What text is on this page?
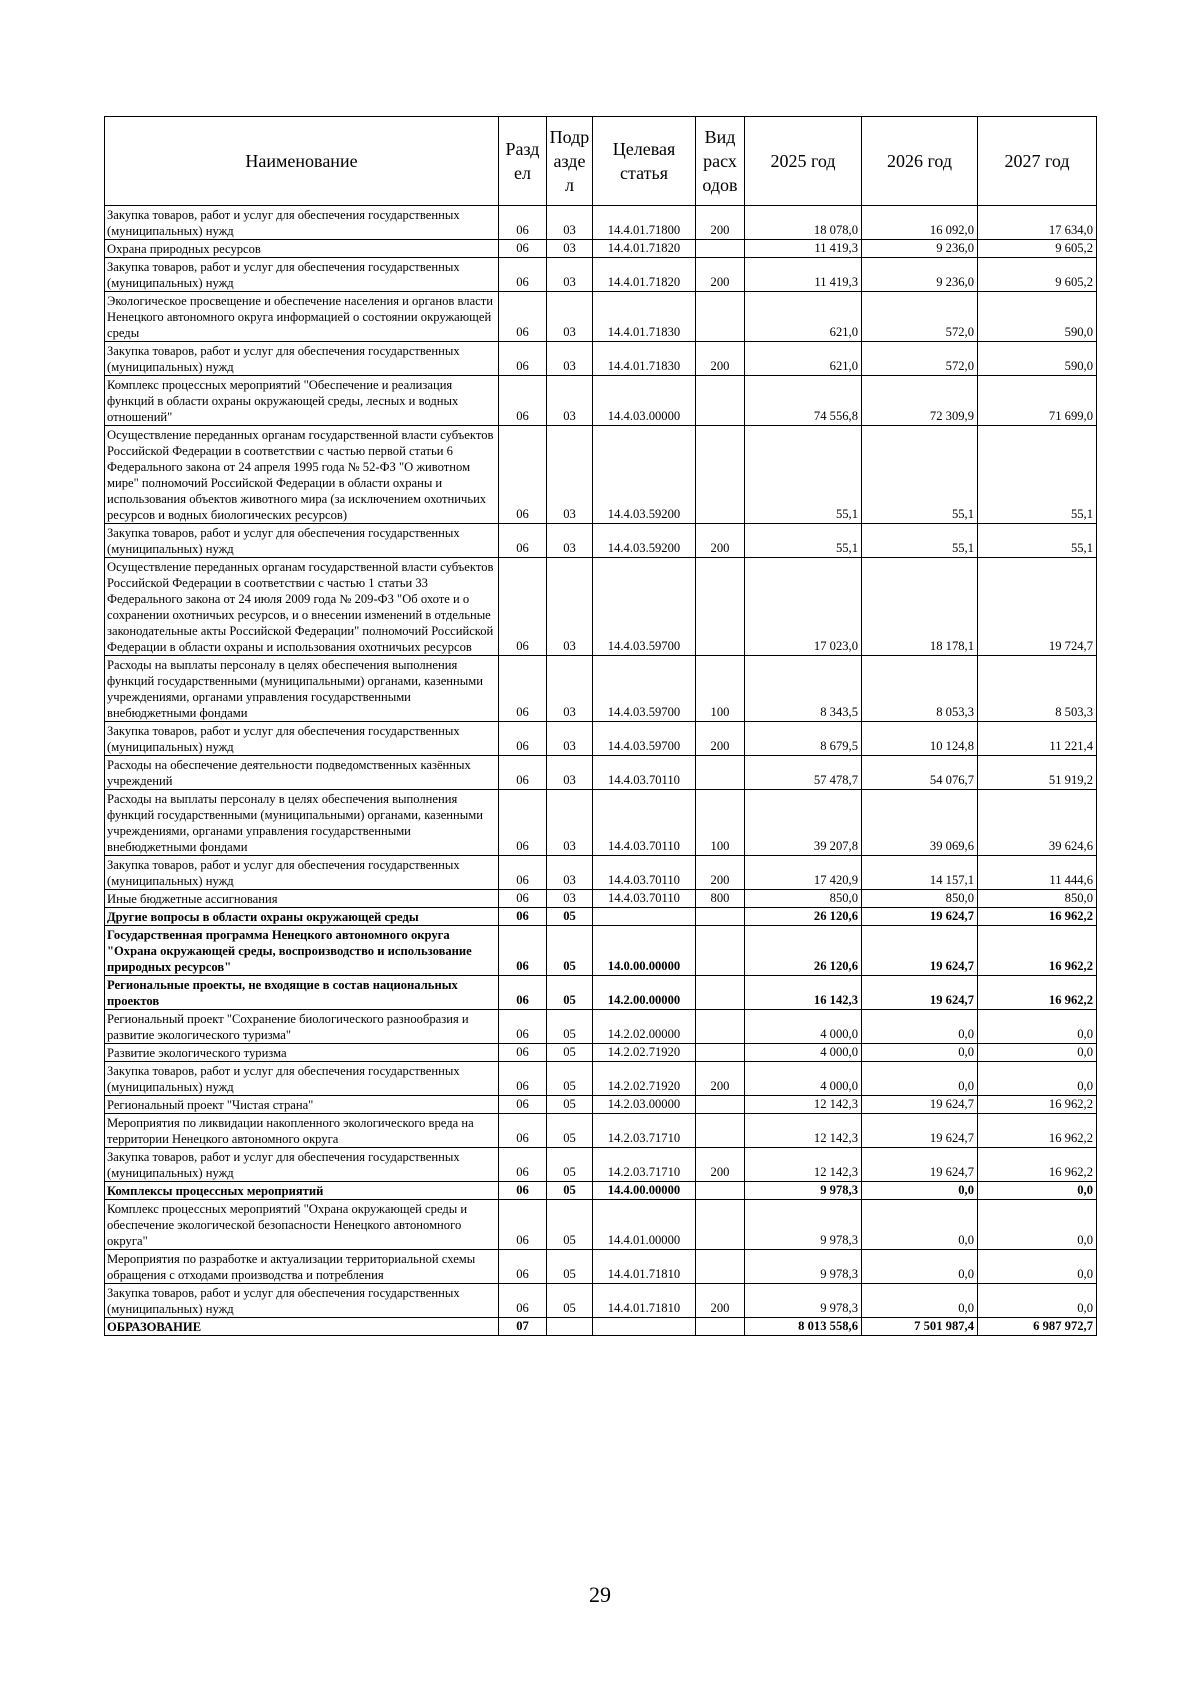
Наименование	Разд ел	Подр азде л	Целевая статья	Вид расх одов	2025 год	2026 год	2027 год
Закупка товаров, работ и услуг для обеспечения государственных (муниципальных) нужд	06	03	14.4.01.71800	200	18 078,0	16 092,0	17 634,0
Охрана природных ресурсов	06	03	14.4.01.71820		11 419,3	9 236,0	9 605,2
Закупка товаров, работ и услуг для обеспечения государственных (муниципальных) нужд	06	03	14.4.01.71820	200	11 419,3	9 236,0	9 605,2
Экологическое просвещение и обеспечение населения и органов власти Ненецкого автономного округа информацией о состоянии окружающей среды	06	03	14.4.01.71830		621,0	572,0	590,0
Закупка товаров, работ и услуг для обеспечения государственных (муниципальных) нужд	06	03	14.4.01.71830	200	621,0	572,0	590,0
Комплекс процессных мероприятий "Обеспечение и реализация функций в области охраны окружающей среды, лесных и водных отношений"	06	03	14.4.03.00000		74 556,8	72 309,9	71 699,0
Осуществление переданных органам государственной власти субъектов Российской Федерации в соответствии с частью первой статьи 6 Федерального закона от 24 апреля 1995 года № 52-ФЗ "О животном мире" полномочий Российской Федерации в области охраны и использования объектов животного мира (за исключением охотничьих ресурсов и водных биологических ресурсов)	06	03	14.4.03.59200		55,1	55,1	55,1
Закупка товаров, работ и услуг для обеспечения государственных (муниципальных) нужд	06	03	14.4.03.59200	200	55,1	55,1	55,1
Осуществление переданных органам государственной власти субъектов Российской Федерации в соответствии с частью 1 статьи 33 Федерального закона от 24 июля 2009 года № 209-ФЗ "Об охоте и о сохранении охотничьих ресурсов, и о внесении изменений в отдельные законодательные акты Российской Федерации" полномочий Российской Федерации в области охраны и использования охотничьих ресурсов	06	03	14.4.03.59700		17 023,0	18 178,1	19 724,7
Расходы на выплаты персоналу в целях обеспечения выполнения функций государственными (муниципальными) органами, казенными учреждениями, органами управления государственными внебюджетными фондами	06	03	14.4.03.59700	100	8 343,5	8 053,3	8 503,3
Закупка товаров, работ и услуг для обеспечения государственных (муниципальных) нужд	06	03	14.4.03.59700	200	8 679,5	10 124,8	11 221,4
Расходы на обеспечение деятельности подведомственных казённых учреждений	06	03	14.4.03.70110		57 478,7	54 076,7	51 919,2
Расходы на выплаты персоналу в целях обеспечения выполнения функций государственными (муниципальными) органами, казенными учреждениями, органами управления государственными внебюджетными фондами	06	03	14.4.03.70110	100	39 207,8	39 069,6	39 624,6
Закупка товаров, работ и услуг для обеспечения государственных (муниципальных) нужд	06	03	14.4.03.70110	200	17 420,9	14 157,1	11 444,6
Иные бюджетные ассигнования	06	03	14.4.03.70110	800	850,0	850,0	850,0
Другие вопросы в области охраны окружающей среды	06	05			26 120,6	19 624,7	16 962,2
Государственная программа Ненецкого автономного округа "Охрана окружающей среды, воспроизводство и использование природных ресурсов"	06	05	14.0.00.00000		26 120,6	19 624,7	16 962,2
Региональные проекты, не входящие в состав национальных проектов	06	05	14.2.00.00000		16 142,3	19 624,7	16 962,2
Региональный проект "Сохранение биологического разнообразия и развитие экологического туризма"	06	05	14.2.02.00000		4 000,0	0,0	0,0
Развитие экологического туризма	06	05	14.2.02.71920		4 000,0	0,0	0,0
Закупка товаров, работ и услуг для обеспечения государственных (муниципальных) нужд	06	05	14.2.02.71920	200	4 000,0	0,0	0,0
Региональный проект "Чистая страна"	06	05	14.2.03.00000		12 142,3	19 624,7	16 962,2
Мероприятия по ликвидации накопленного экологического вреда на территории Ненецкого автономного округа	06	05	14.2.03.71710		12 142,3	19 624,7	16 962,2
Закупка товаров, работ и услуг для обеспечения государственных (муниципальных) нужд	06	05	14.2.03.71710	200	12 142,3	19 624,7	16 962,2
Комплексы процессных мероприятий	06	05	14.4.00.00000		9 978,3	0,0	0,0
Комплекс процессных мероприятий "Охрана окружающей среды и обеспечение экологической безопасности Ненецкого автономного округа"	06	05	14.4.01.00000		9 978,3	0,0	0,0
Мероприятия по разработке и актуализации территориальной схемы обращения с отходами производства и потребления	06	05	14.4.01.71810		9 978,3	0,0	0,0
Закупка товаров, работ и услуг для обеспечения государственных (муниципальных) нужд	06	05	14.4.01.71810	200	9 978,3	0,0	0,0
ОБРАЗОВАНИЕ	07				8 013 558,6	7 501 987,4	6 987 972,7
29
